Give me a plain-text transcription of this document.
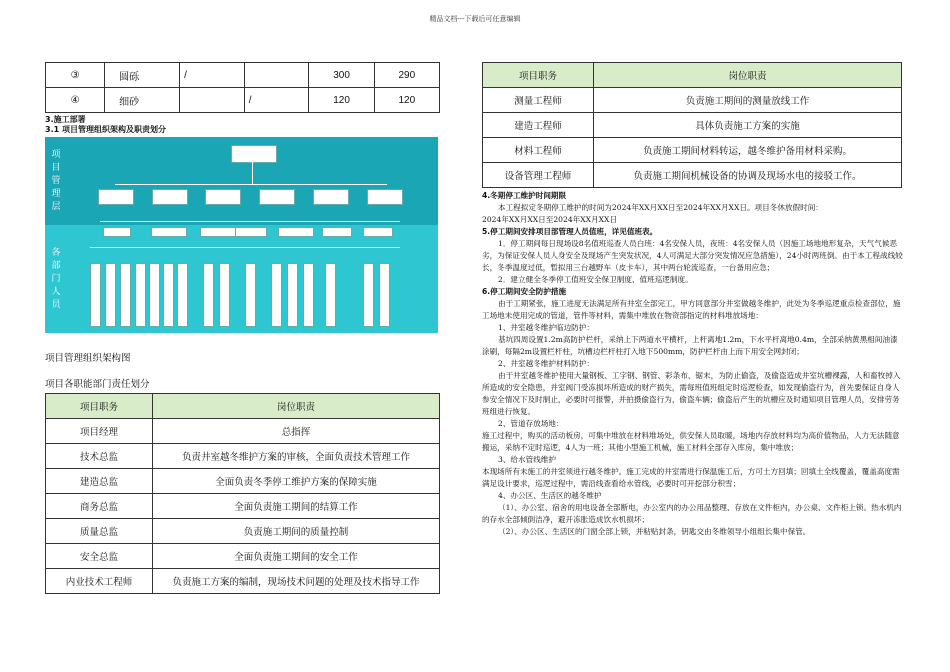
精品文档---下载后可任意编辑
③	圆砾	/		300	290
④	细砂		/	120	120
3.施工部署
3.1 项目管理组织架构及职责划分
项目管理层
各部门人员
项目管理组织架构图
项目各职能部门责任划分
项目职务	岗位职责
项目经理	总指挥
技术总监	负责井室越冬维护方案的审核，全面负责技术管理工作
建造总监	全面负责冬季停工维护方案的保障实施
商务总监	全面负责施工期间的结算工作
质量总监	负责施工期间的质量控制
安全总监	全面负责施工期间的安全工作
内业技术工程师	负责施工方案的编制，现场技术问题的处理及技术指导工作
项目职务	岗位职责
测量工程师	负责施工期间的测量放线工作
建造工程师	具体负责施工方案的实施
材料工程师	负责施工期间材料转运，越冬维护备用材料采购。
设备管理工程师	负责施工期间机械设备的协调及现场水电的接驳工作。

4.冬期停工维护时间期限

本工程拟定冬期停工维护的时间为2024年XX月XX日至2024年XX月XX日。项目冬休放假时间：

2024年XX月XX日至2024年XX月XX日

5.停工期间安排项目部管理人员值班，详见值班表。

1．停工期间每日现场设8名值班巡查人员白班：4名安保人员，夜班：4名安保人员（因施工场地地形复杂，天气气候恶劣，为保证安保人员人身安全及现场产生突发状况，4人可满足大部分突发情况应急措施），24小时两班倒。由于本工程战线较长，冬季温度过低，暂拟用三台越野车（皮卡车），其中两台轮流巡查，一台备用应急；

2．建立健全冬季停工值班安全保卫制度、值班巡逻制度。

6.停工期间安全防护措施

由于工期紧张，施工进度无法满足所有井室全部完工，甲方同意部分井室做越冬维护，此处为冬季巡逻重点检查部位，施工场地未使用完成的管道，管件等材料，需集中堆放在物资部指定的材料堆放场地：

1、井室越冬维护临边防护：

基坑四周设置1.2m高防护栏杆，采纳上下两道水平横杆，上杆离地1.2m，下水平杆离地0.4m，全部采纳黄黑相间油漆涂刷，每隔2m设置栏杆柱，坑槽边栏杆柱打入地下500mm，防护栏杆由上而下用安全网封闭；

2、井室越冬维护材料防护：

由于井室越冬维护使用大量钢板、工字钢、钢管、彩条布、锯末，为防止偷盗，及偷盗造成井室坑槽裸露，人和畜牧掉入所造成的安全隐患，并室阀门受冻损坏所造成的财产损失，需每班值班组定时巡逻检查，如发现偷盗行为，首先要保证自身人参安全情况下及时制止，必要时可报警，并拍摄偷盗行为，偷盗车辆；偷盗后产生的坑槽应及时通知项目管理人员，安排劳务班组进行恢复。

2、管道存放场地：

施工过程中，购买的活动板房，可集中堆放在材料堆场处，供安保人员取暖，场地内存放材料均为高价值物品，人力无法随意搬运，采纳不定时巡逻，4人为一班；其他小型施工机械，施工材料全部存入库房，集中堆放；

3、给水管线维护

本现场所有未施工的井室须进行越冬维护。施工完成的井室需进行保温施工后，方可土方回填；回填土全线覆盖，覆盖高度需满足设计要求，巡逻过程中，需沿线查看给水管线，必要时可开挖部分积雪；

4、办公区、生活区的越冬维护

（1）、办公室、宿舍的用电设备全部断电，办公室内的办公用品整理、存放在文件柜内，办公桌、文件柜上锁。热水机内的存水全部倾倒洁净，避开冻胀造成饮水机损坏；

（2）、办公区、生活区的门窗全部上锁，并粘贴封条，钥匙交由冬维领导小组组长集中保管。
